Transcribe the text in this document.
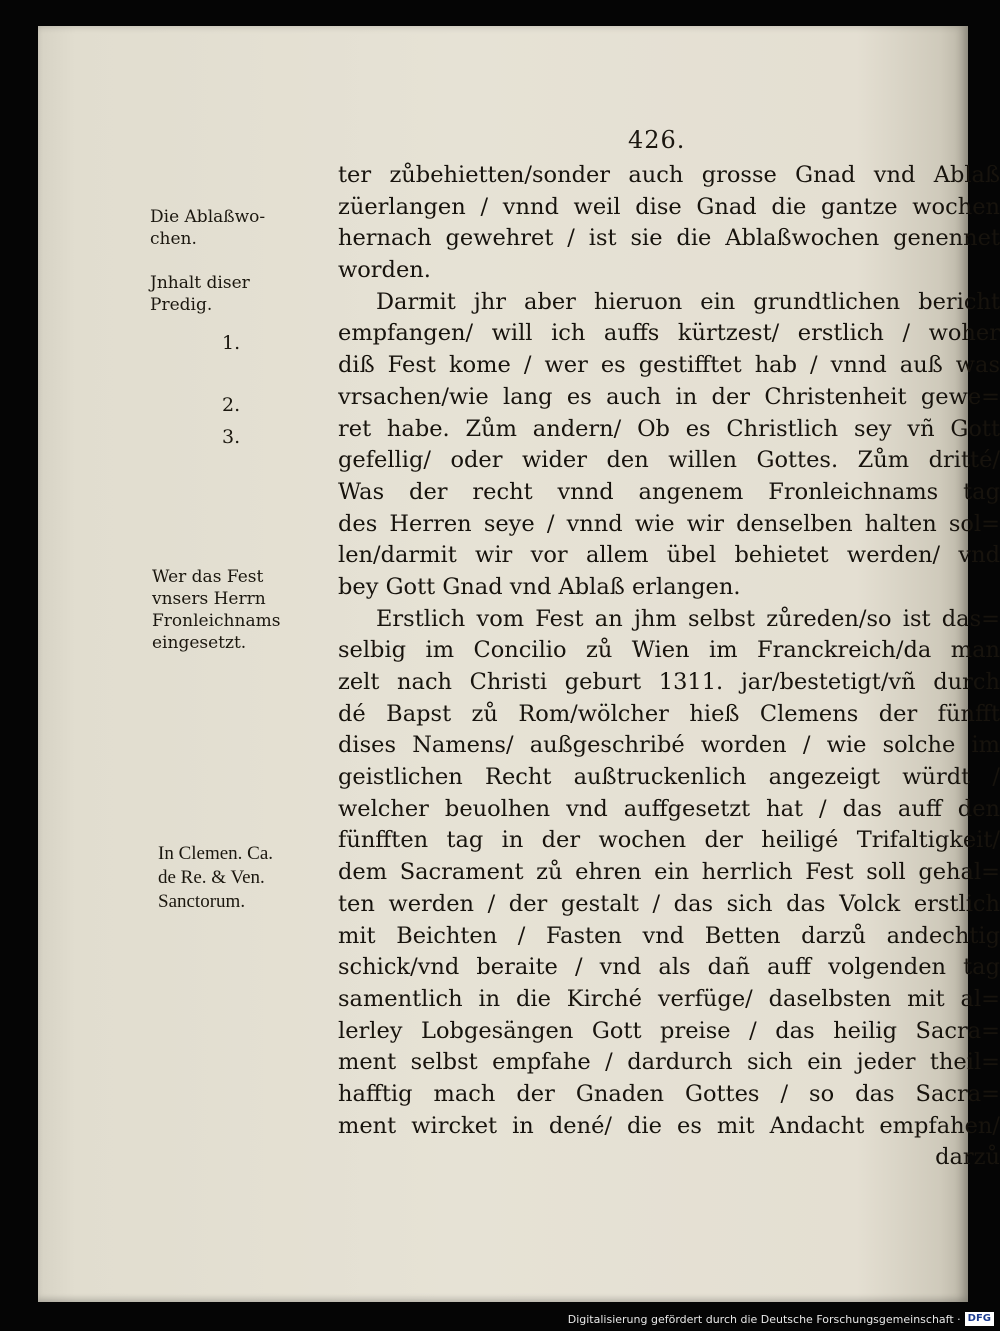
426.
ter zůbehietten/sonder auch grosse Gnad vnd Ablaß
züerlangen / vnnd weil dise Gnad die gantze wochen
hernach gewehret / ist sie die Ablaßwochen genennet
worden.
Darmit jhr aber hieruon ein grundtlichen bericht
empfangen/ will ich auffs kürtzest/ erstlich / woher
diß Fest kome / wer es gestifftet hab / vnnd auß was
vrsachen/wie lang es auch in der Christenheit gewe=
ret habe. Zům andern/ Ob es Christlich sey vñ Gott
gefellig/ oder wider den willen Gottes. Zům dritté/
Was der recht vnnd angenem Fronleichnams tag
des Herren seye / vnnd wie wir denselben halten sol=
len/darmit wir vor allem übel behietet werden/ vnd
bey Gott Gnad vnd Ablaß erlangen.
Erstlich vom Fest an jhm selbst zůreden/so ist das=
selbig im Concilio zů Wien im Franckreich/da man
zelt nach Christi geburt 1311. jar/bestetigt/vñ durch
dé Bapst zů Rom/wölcher hieß Clemens der fünfft
dises Namens/ außgeschribé worden / wie solche im
geistlichen Recht außtruckenlich angezeigt würdt /
welcher beuolhen vnd auffgesetzt hat / das auff den
fünfften tag in der wochen der heiligé Trifaltigkeit/
dem Sacrament zů ehren ein herrlich Fest soll gehal=
ten werden / der gestalt / das sich das Volck erstlich
mit Beichten / Fasten vnd Betten darzů andechtig
schick/vnd beraite / vnd als dañ auff volgenden tag
samentlich in die Kirché verfüge/ daselbsten mit al=
lerley Lobgesängen Gott preise / das heilig Sacra=
ment selbst empfahe / dardurch sich ein jeder theil=
hafftig mach der Gnaden Gottes / so das Sacra=
ment wircket in dené/ die es mit Andacht empfahen/
darzů

Die Ablaßwo-
chen.

Jnhalt diser
Predig.

1.

2.

3.

Wer das Fest
vnsers Herrn
Fronleichnams
eingesetzt.

In Clemen. Ca.
de Re. & Ven.
Sanctorum.

Digitalisierung gefördert durch die Deutsche Forschungsgemeinschaft · DFG
